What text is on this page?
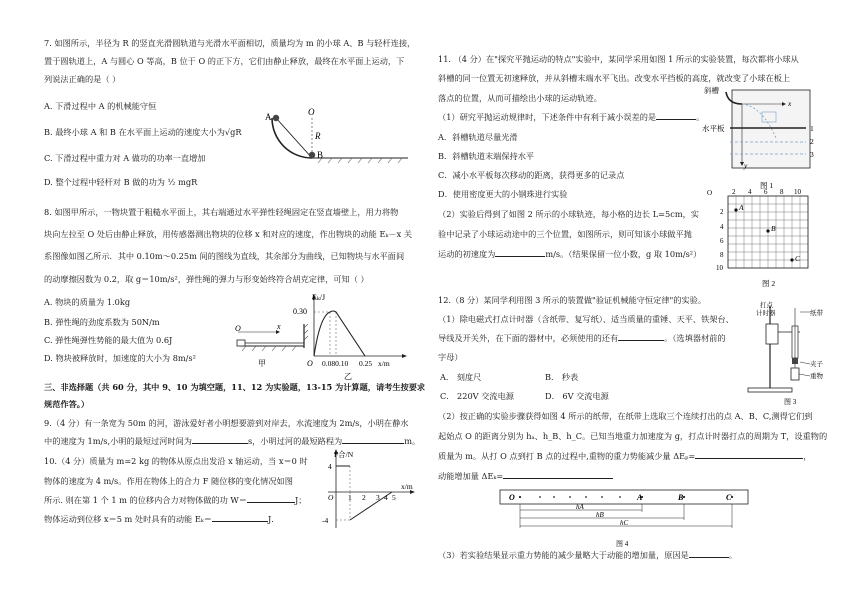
7. 如图所示，半径为 R 的竖直光滑圆轨道与光滑水平面相切，质量均为 m 的小球 A、B 与轻杆连接，
置于圆轨道上，A 与圆心 O 等高，B 位于 O 的正下方，它们由静止释放，最终在水平面上运动，下
列说法正确的是（ ）
A. 下滑过程中 A 的机械能守恒
B. 最终小球 A 和 B 在水平面上运动的速度大小为√gR
C. 下滑过程中重力对 A 做功的功率一直增加
D. 整个过程中轻杆对 B 做的功为 ½ mgR
A	O
R
B
8. 如图甲所示，一物块置于粗糙水平面上，其右端通过水平弹性轻绳固定在竖直墙壁上，用力将物
块向左拉至 O 处后由静止释放，用传感器测出物块的位移 x 和对应的速度，作出物块的动能 Eₖ－x 关
系图像如图乙所示．其中 0.10m～0.25m 间的图线为直线，其余部分为曲线，已知物块与水平面间
的动摩擦因数为 0.2，取 g＝10m/s²，弹性绳的弹力与形变始终符合胡克定律，可知（ ）
A. 物块的质量为 1.0kg
B. 弹性绳的劲度系数为 50N/m
C. 弹性绳弹性势能的最大值为 0.6J
D. 物块被释放时，加速度的大小为 8m/s²
O	x
甲
Eₖ/J
0.30
O 0.080.10 0.25 x/m
乙
三、非选择题（共 60 分，其中 9、10 为填空题，11、12 为实验题，13-15 为计算题，请考生按要求
规范作答。）
9.（4 分）有一条宽为 50m 的河，游泳爱好者小明想要游到对岸去，水流速度为 2m/s，小明在静水
中的速度为 1m/s,小明的最短过河时间为	s，小明过河的最短路程为	m。
10.（4 分）质量为 m=2 kg 的物体从原点出发沿 x 轴运动，当 x＝0 时
物体的速度为 4 m/s。作用在物体上的合力 F 随位移的变化情况如图
所示. 则在第 1 个 1 m 的位移内合力对物体做的功 W＝	J；
物体运动到位移 x＝5 m 处时具有的动能 Eₖ＝	J．
F合/N
4
-4
O 1 2 3 4 5
x/m
11. （4 分）在"探究平抛运动的特点"实验中，某同学采用如图 1 所示的实验装置，每次都将小球从
斜槽的同一位置无初速释放，并从斜槽末端水平飞出。改变水平挡板的高度，就改变了小球在板上
落点的位置，从而可描绘出小球的运动轨迹。
（1）研究平抛运动规律时，下述条件中有利于减小误差的是	。
A．斜槽轨道尽量光滑
B．斜槽轨道末端保持水平
C．减小水平板每次移动的距离，获得更多的记录点
D．使用密度更大的小钢珠进行实验
（2）实验后得到了如图 2 所示的小球轨迹，每小格的边长 L=5cm，实
验中记录了小球运动途中的三个位置，如图所示，则可知该小球做平抛
运动的初速度为	m/s。（结果保留一位小数，g 取 10m/s²）
斜槽
水平板
x
y
1
2
3
图 1
O	2 4 6 8 10
2
4
6
8
10
A
B
C
图 2
12.（8 分）某同学利用图 3 所示的装置做"验证机械能守恒定律"的实验。
（1）除电磁式打点计时器（含纸带、复写纸）、适当质量的重锤、天平、铁架台、
导线及开关外，在下面的器材中，必须使用的还有	。（选填器材前的
字母）
A． 刻度尺	B． 秒表
C． 220V 交流电源	D． 6V 交流电源
（2）按正确的实验步骤获得如图 4 所示的纸带，在纸带上选取三个连续打出的点 A、B、C,测得它们到
起始点 O 的距离分别为 hₐ、h_B、h_C。已知当地重力加速度为 g，打点计时器打点的周期为 T，设重物的
质量为 m。从打 O 点到打 B 点的过程中,重物的重力势能减少量 ΔEₚ=	，
动能增加量 ΔEₖ=
（3）若实验结果显示重力势能的减少量略大于动能的增加量，原因是	。
打点
计时器	纸带
夹子
重物
图 3
O	A	B	C
hA
hB
hC
图 4
